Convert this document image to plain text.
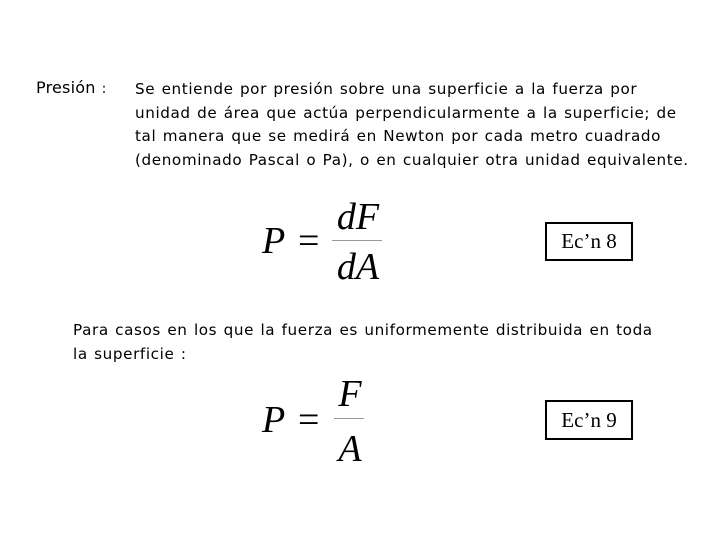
Presión : Se entiende por presión sobre una superficie a la fuerza por
unidad de área que actúa perpendicularmente a la superficie; de
tal manera que se medirá en Newton por cada metro cuadrado
(denominado Pascal o Pa), o en cualquier otra unidad equivalente.
P =
dF
dA
Ec’n 8
Para casos en los que la fuerza es uniformemente distribuida en toda
la superficie :
P =
F
A
Ec’n 9
